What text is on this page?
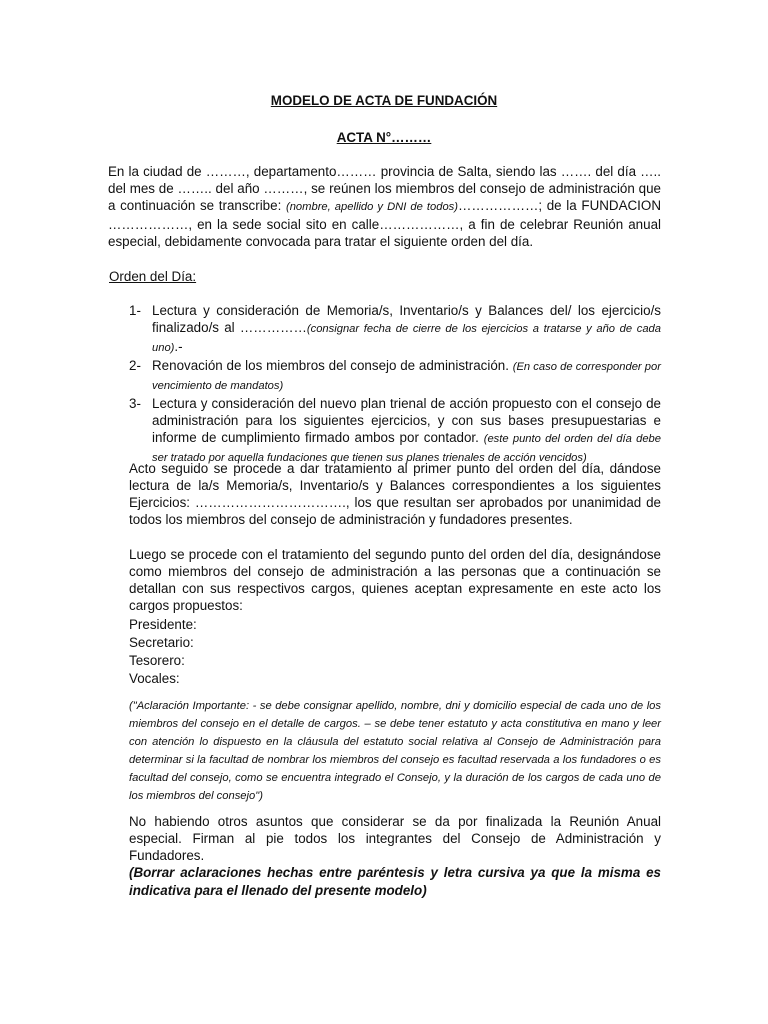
MODELO DE ACTA DE FUNDACIÓN
ACTA N°………
En la ciudad de ………, departamento……… provincia de Salta, siendo las ……. del día ….. del mes de …….. del año ………, se reúnen los miembros del consejo de administración que a continuación se transcribe: (nombre, apellido y DNI de todos)………………; de la FUNDACION ………………, en la sede social sito en calle………………, a fin de celebrar Reunión anual especial, debidamente convocada para tratar el siguiente orden del día.
Orden del Día:
1- Lectura y consideración de Memoria/s, Inventario/s y Balances del/ los ejercicio/s finalizado/s al ……………(consignar fecha de cierre de los ejercicios a tratarse y año de cada uno).-
2- Renovación de los miembros del consejo de administración. (En caso de corresponder por vencimiento de mandatos)
3- Lectura y consideración del nuevo plan trienal de acción propuesto con el consejo de administración para los siguientes ejercicios, y con sus bases presupuestarias e informe de cumplimiento firmado ambos por contador. (este punto del orden del día debe ser tratado por aquella fundaciones que tienen sus planes trienales de acción vencidos)
Acto seguido se procede a dar tratamiento al primer punto del orden del día, dándose lectura de la/s Memoria/s, Inventario/s y Balances correspondientes a los siguientes Ejercicios: ……………………………., los que resultan ser aprobados por unanimidad de todos los miembros del consejo de administración y fundadores presentes.
Luego se procede con el tratamiento del segundo punto del orden del día, designándose como miembros del consejo de administración a las personas que a continuación se detallan con sus respectivos cargos, quienes aceptan expresamente en este acto los cargos propuestos:
Presidente:
Secretario:
Tesorero:
Vocales:
("Aclaración Importante: - se debe consignar apellido, nombre, dni y domicilio especial de cada uno de los miembros del consejo en el detalle de cargos. – se debe tener estatuto y acta constitutiva en mano y leer con atención lo dispuesto en la cláusula del estatuto social relativa al Consejo de Administración para determinar si la facultad de nombrar los miembros del consejo es facultad reservada a los fundadores o es facultad del consejo, como se encuentra integrado el Consejo, y la duración de los cargos de cada uno de los miembros del consejo")
No habiendo otros asuntos que considerar se da por finalizada la Reunión Anual especial. Firman al pie todos los integrantes del Consejo de Administración y Fundadores.
(Borrar aclaraciones hechas entre paréntesis y letra cursiva ya que la misma es indicativa para el llenado del presente modelo)
